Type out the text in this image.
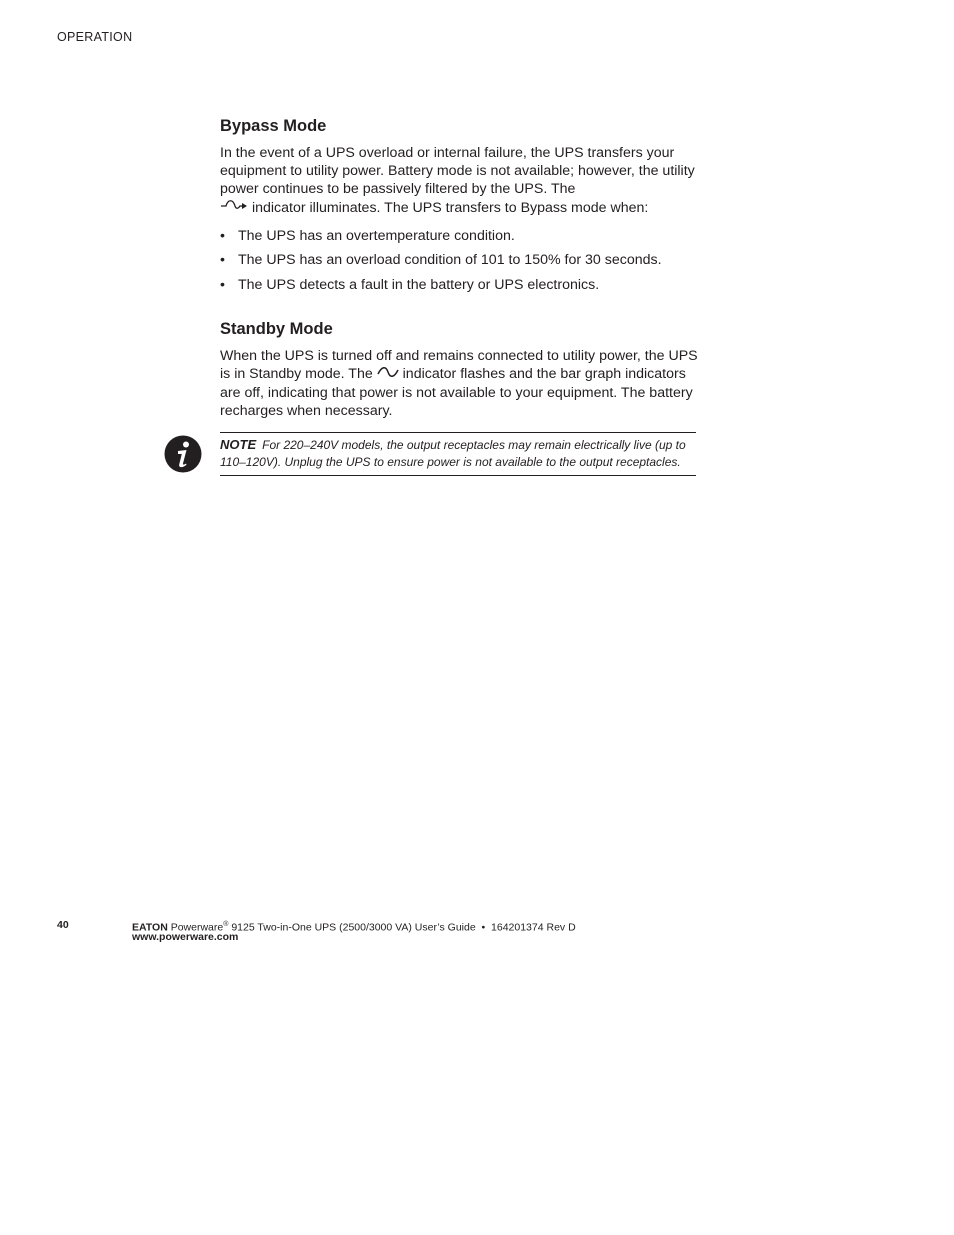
OPERATION
Bypass Mode

In the event of a UPS overload or internal failure, the UPS transfers your equipment to utility power. Battery mode is not available; however, the utility power continues to be passively filtered by the UPS. The
indicator illuminates. The UPS transfers to Bypass mode when:

• The UPS has an overtemperature condition.
• The UPS has an overload condition of 101 to 150% for 30 seconds.
• The UPS detects a fault in the battery or UPS electronics.
Standby Mode

When the UPS is turned off and remains connected to utility power, the UPS is in Standby mode. The indicator flashes and the bar graph indicators are off, indicating that power is not available to your equipment. The battery recharges when necessary.

NOTE For 220–240V models, the output receptacles may remain electrically live (up to 110–120V). Unplug the UPS to ensure power is not available to the output receptacles.
40	EATON Powerware® 9125 Two-in-One UPS (2500/3000 VA) User’s Guide  •  164201374 Rev D
www.powerware.com
